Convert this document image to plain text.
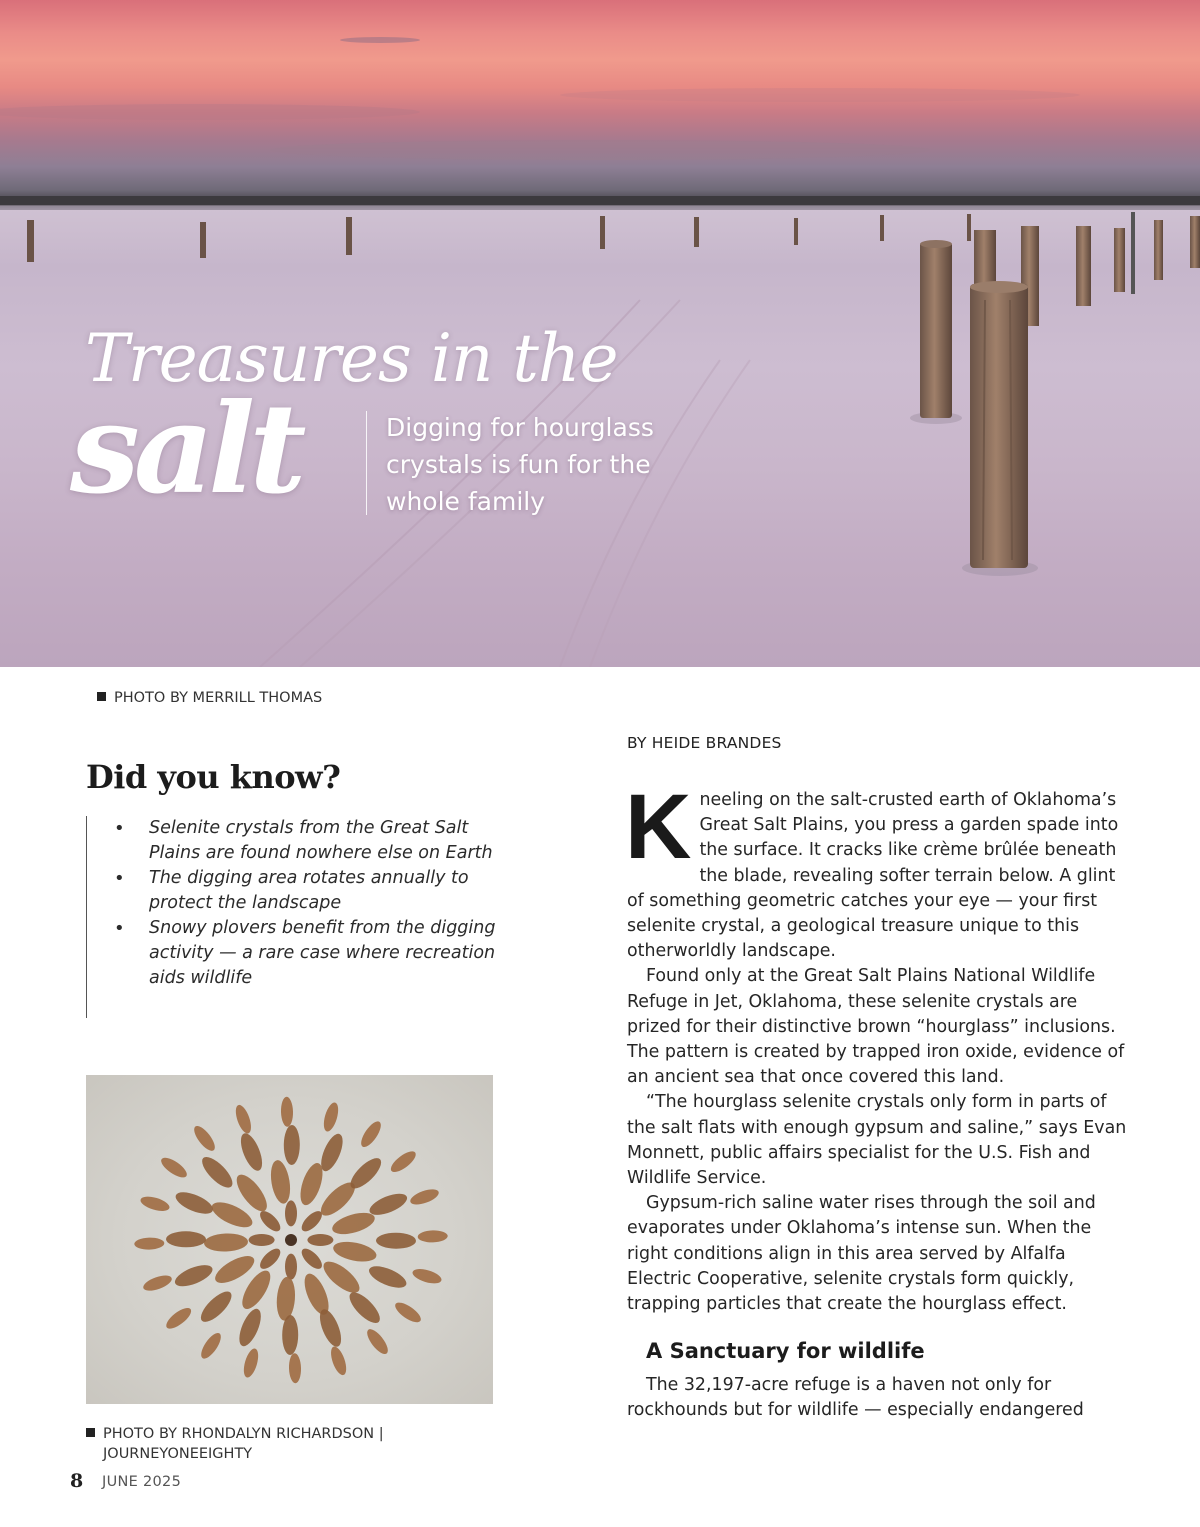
Treasures in the
salt	Digging for hourglass crystals is fun for the whole family

PHOTO BY MERRILL THOMAS
Did you know?
• Selenite crystals from the Great Salt Plains are found nowhere else on Earth
• The digging area rotates annually to protect the landscape
• Snowy plovers benefit from the digging activity — a rare case where recreation aids wildlife
PHOTO BY RHONDALYN RICHARDSON |
JOURNEYONEEIGHTY

BY HEIDE BRANDES

Kneeling on the salt-crusted earth of Oklahoma’s Great Salt Plains, you press a garden spade into the surface. It cracks like crème brûlée beneath the blade, revealing softer terrain below. A glint of something geometric catches your eye — your first selenite crystal, a geological treasure unique to this otherworldly landscape.

Found only at the Great Salt Plains National Wildlife Refuge in Jet, Oklahoma, these selenite crystals are prized for their distinctive brown “hourglass” inclusions. The pattern is created by trapped iron oxide, evidence of an ancient sea that once covered this land.

“The hourglass selenite crystals only form in parts of the salt flats with enough gypsum and saline,” says Evan Monnett, public affairs specialist for the U.S. Fish and Wildlife Service.

Gypsum-rich saline water rises through the soil and evaporates under Oklahoma’s intense sun. When the right conditions align in this area served by Alfalfa Electric Cooperative, selenite crystals form quickly, trapping particles that create the hourglass effect.

A Sanctuary for wildlife

The 32,197-acre refuge is a haven not only for rockhounds but for wildlife — especially endangered

8 JUNE 2025
